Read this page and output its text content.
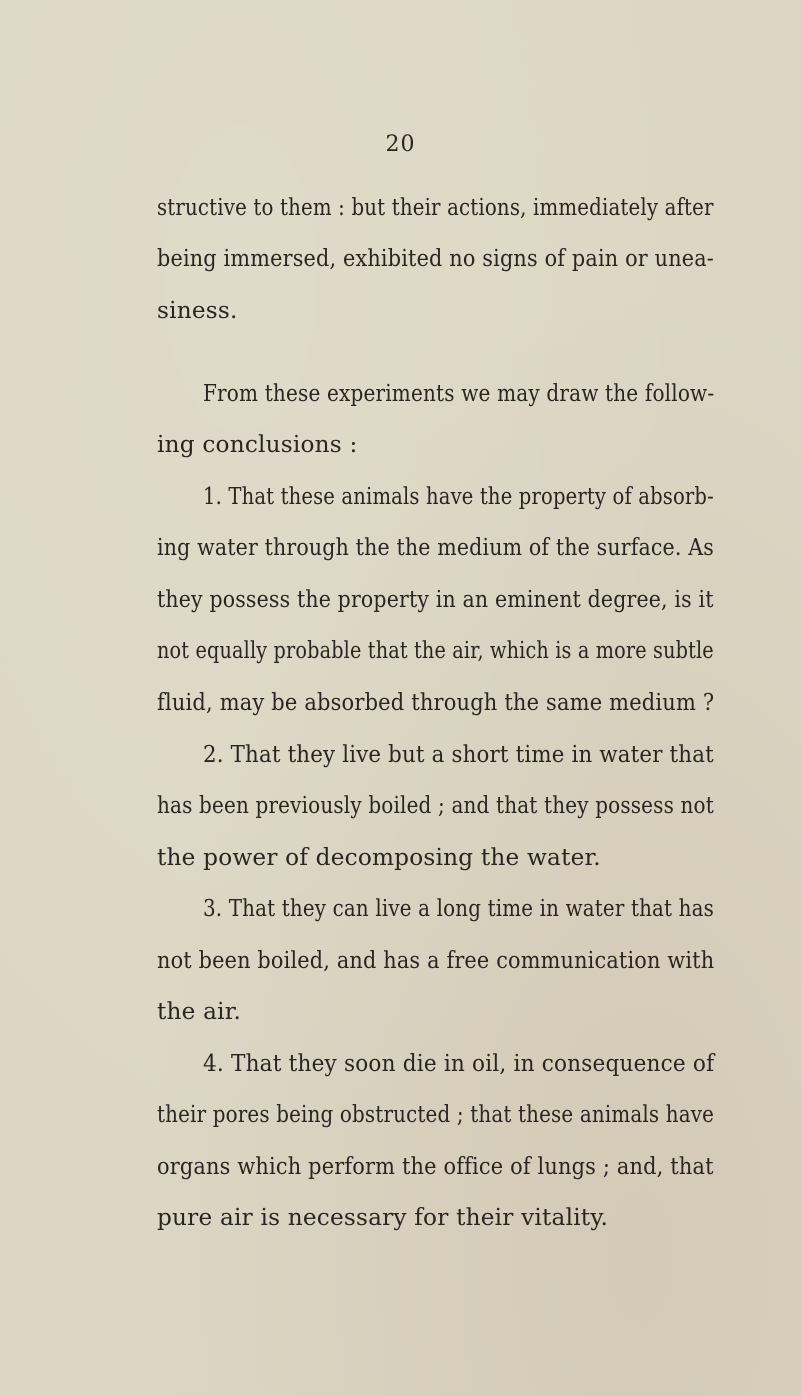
20
structive to them : but their actions, immediately after
being immersed, exhibited no signs of pain or unea-
siness.
From these experiments we may draw the follow-
ing conclusions :
1. That these animals have the property of absorb-
ing water through the the medium of the surface. As
they possess the property in an eminent degree, is it
not equally probable that the air, which is a more subtle
fluid, may be absorbed through the same medium ?
2. That they live but a short time in water that
has been previously boiled ; and that they possess not
the power of decomposing the water.
3. That they can live a long time in water that has
not been boiled, and has a free communication with
the air.
4. That they soon die in oil, in consequence of
their pores being obstructed ; that these animals have
organs which perform the office of lungs ; and, that
pure air is necessary for their vitality.
